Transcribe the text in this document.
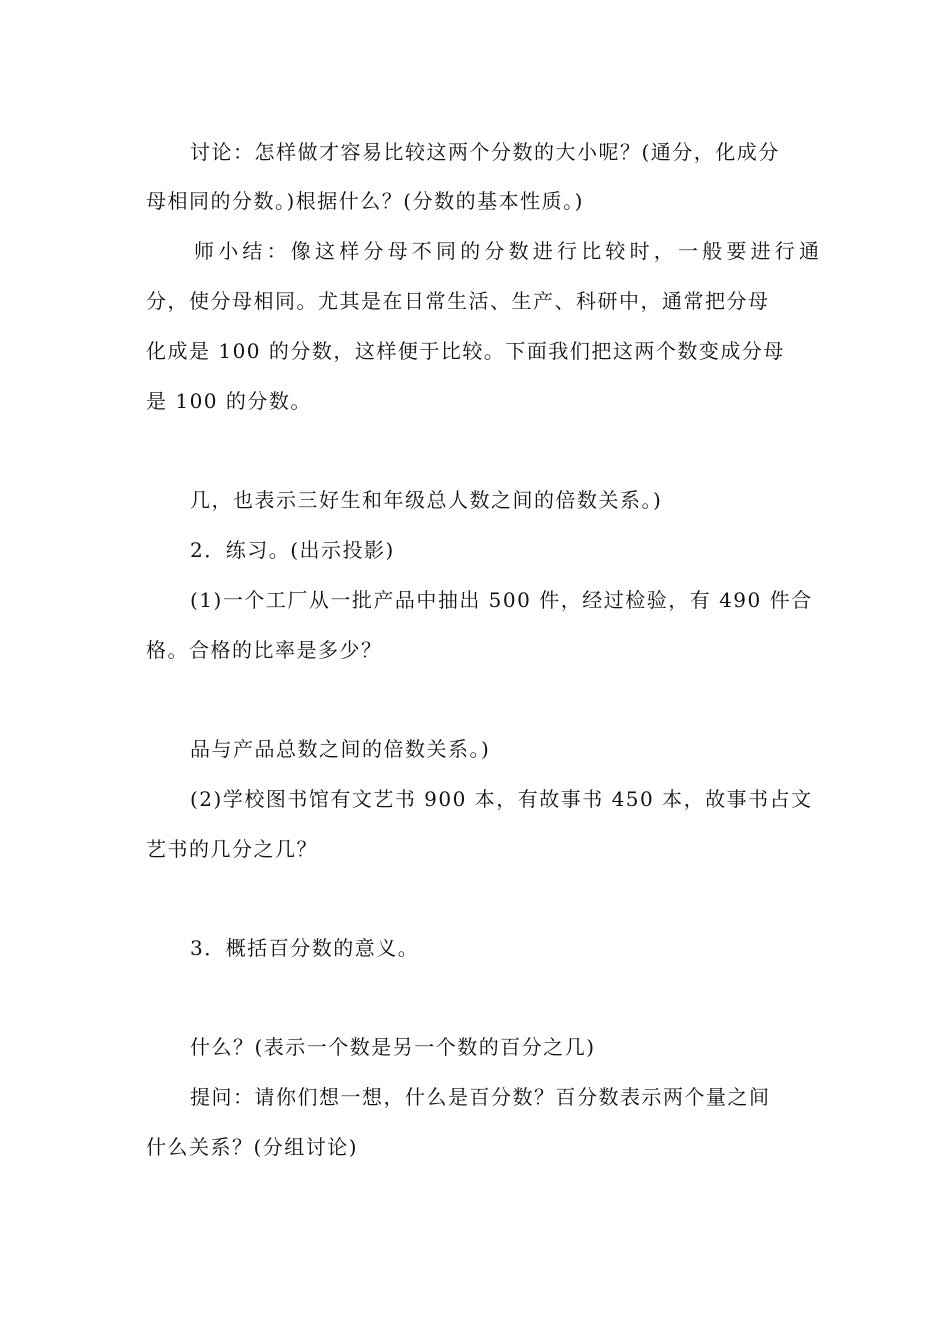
讨论：怎样做才容易比较这两个分数的大小呢？(通分，化成分
母相同的分数。)根据什么？(分数的基本性质。)
师小结：像这样分母不同的分数进行比较时，一般要进行通
分，使分母相同。尤其是在日常生活、生产、科研中，通常把分母
化成是 100 的分数，这样便于比较。下面我们把这两个数变成分母
是 100 的分数。
几，也表示三好生和年级总人数之间的倍数关系。)
2．练习。(出示投影)
(1)一个工厂从一批产品中抽出 500 件，经过检验，有 490 件合
格。合格的比率是多少？
品与产品总数之间的倍数关系。)
(2)学校图书馆有文艺书 900 本，有故事书 450 本，故事书占文
艺书的几分之几？
3．概括百分数的意义。
什么？(表示一个数是另一个数的百分之几)
提问：请你们想一想，什么是百分数？百分数表示两个量之间
什么关系？(分组讨论)
